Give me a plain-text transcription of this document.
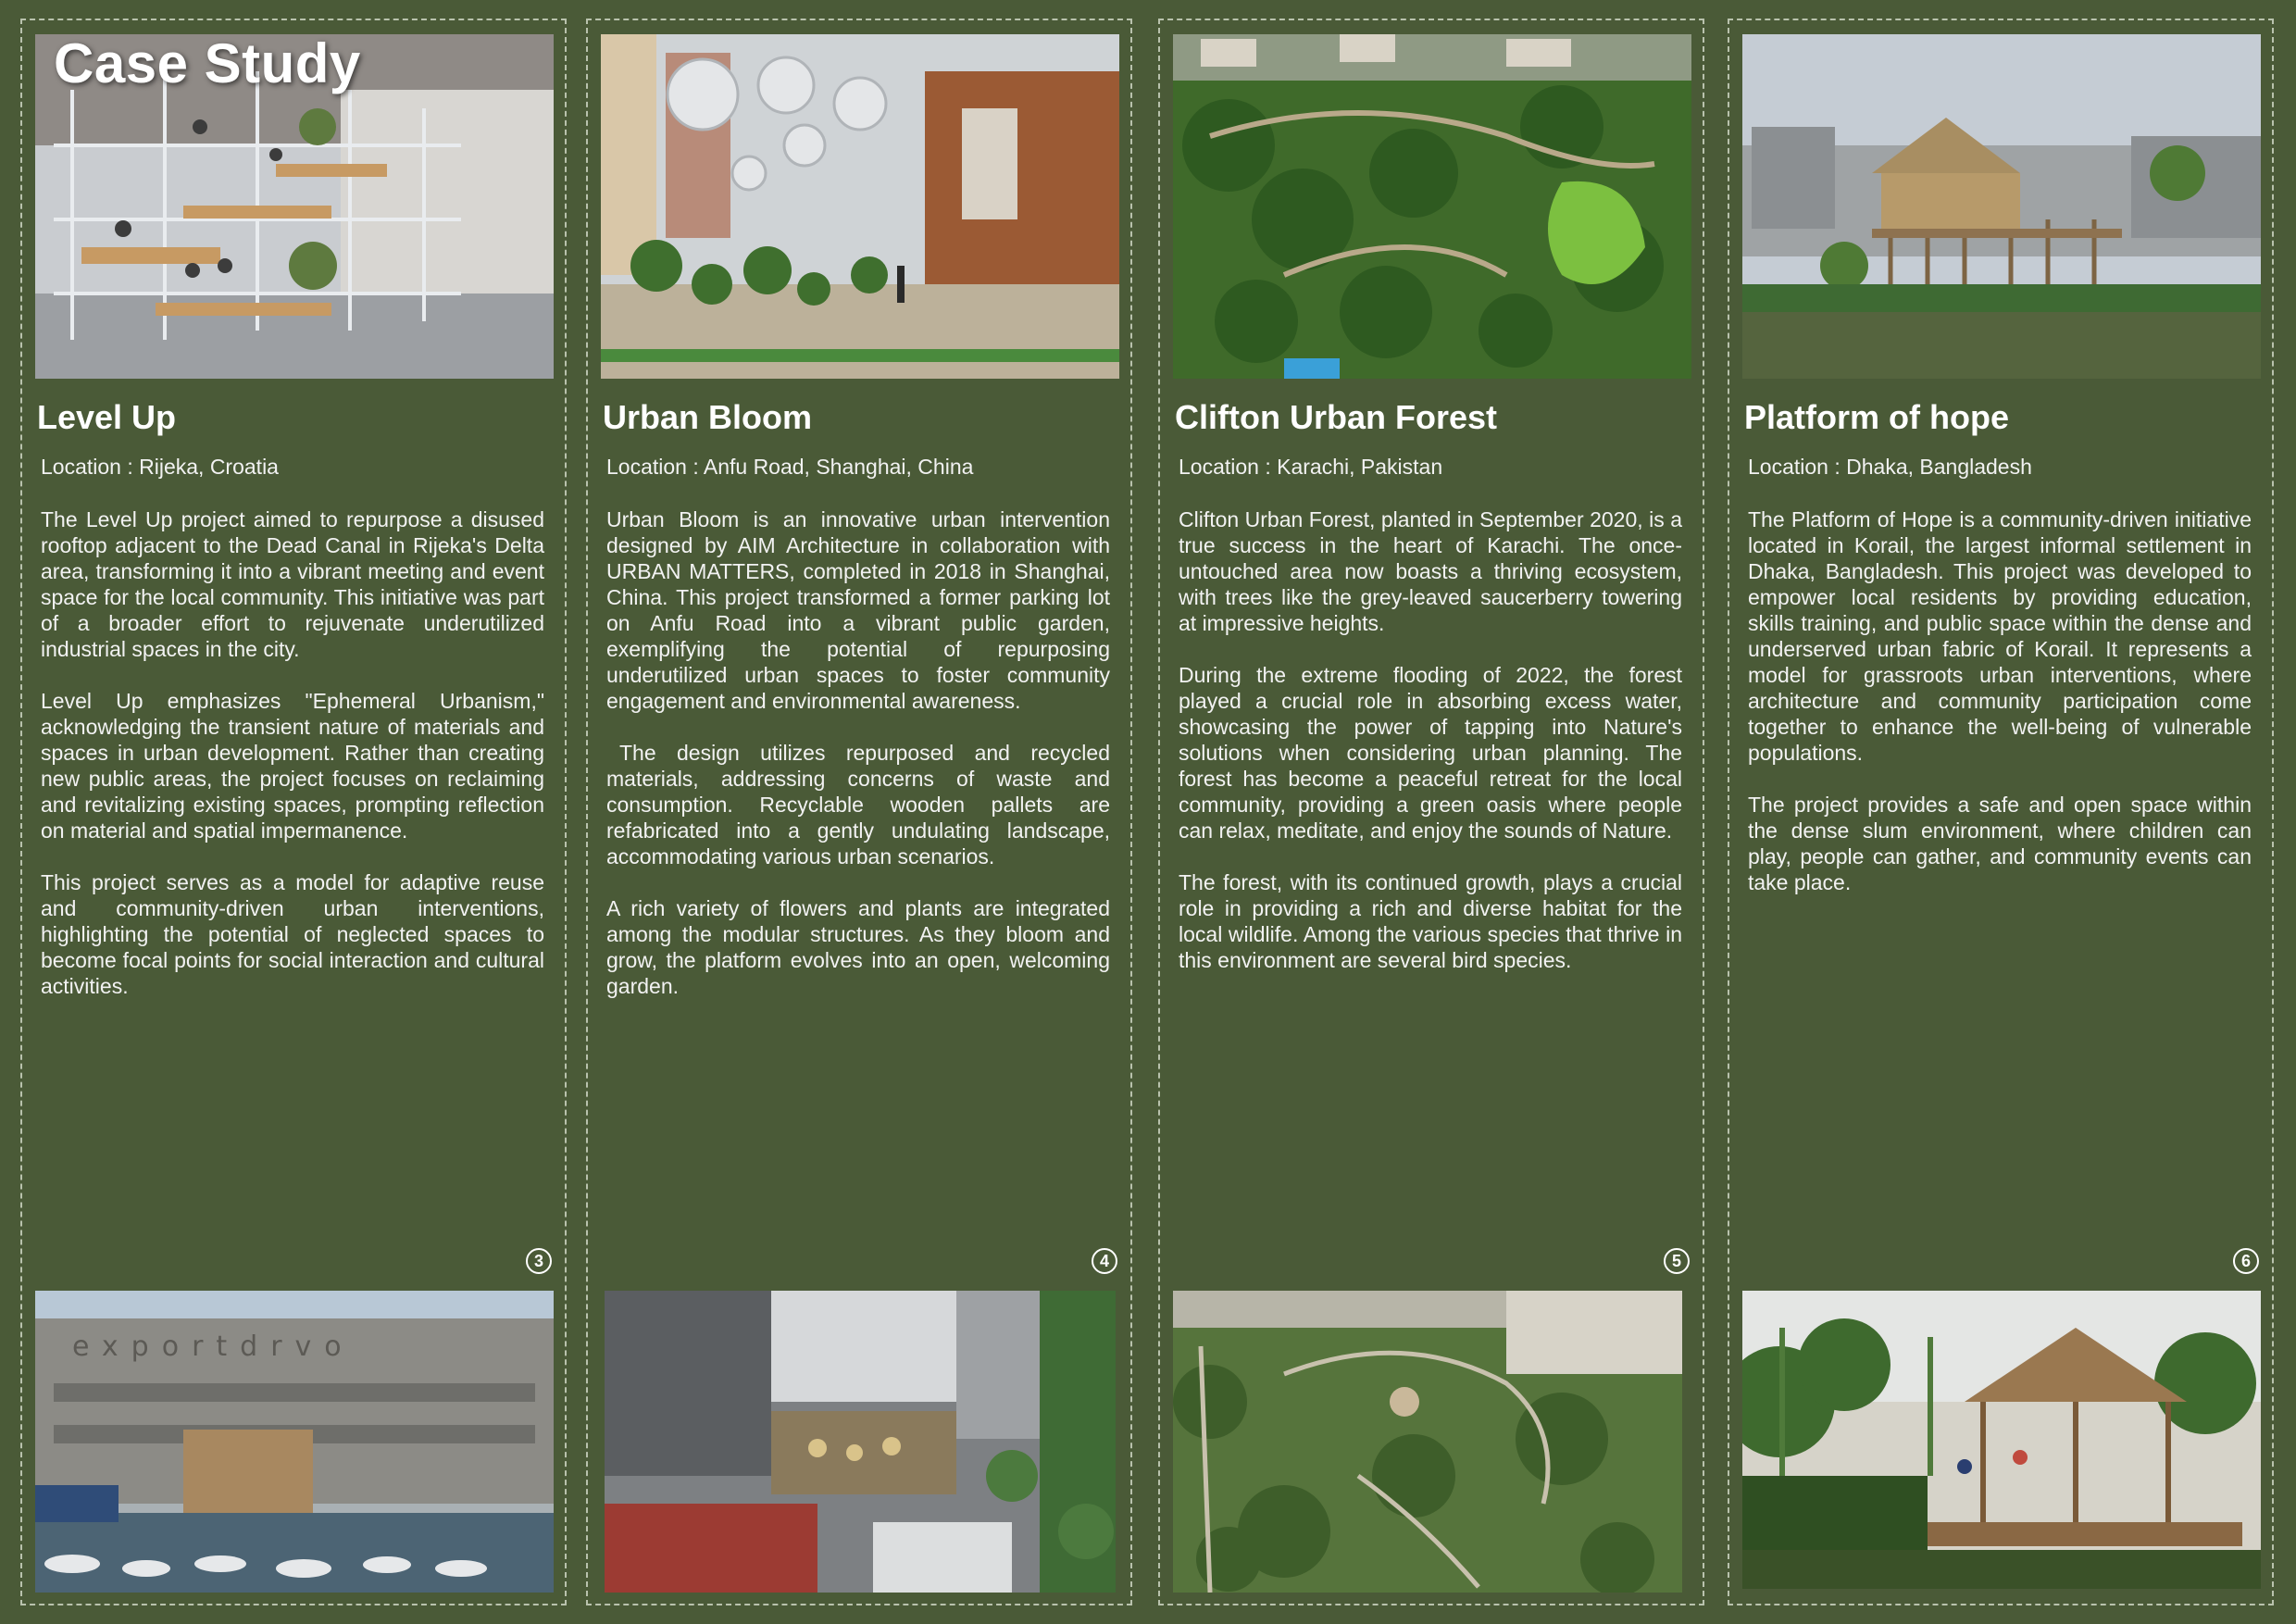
Case Study
Level Up
Location : Rijeka, Croatia

The Level Up project aimed to repurpose a disused rooftop adjacent to the Dead Canal in Rijeka's Delta area, transforming it into a vibrant meeting and event space for the local community. This initiative was part of a broader effort to rejuvenate underutilized industrial spaces in the city.

Level Up emphasizes "Ephemeral Urbanism," acknowledging the transient nature of materials and spaces in urban development. Rather than creating new public areas, the project focuses on reclaiming and revitalizing existing spaces, prompting reflection on material and spatial impermanence.

This project serves as a model for adaptive reuse and community-driven urban interventions, highlighting the potential of neglected spaces to become focal points for social interaction and cultural activities.

3
exportdrvo
Urban Bloom
Location : Anfu Road, Shanghai, China

Urban Bloom is an innovative urban intervention designed by AIM Architecture in collaboration with URBAN MATTERS, completed in 2018 in Shanghai, China. This project transformed a former parking lot on Anfu Road into a vibrant public garden, exemplifying the potential of repurposing underutilized urban spaces to foster community engagement and environmental awareness.

The design utilizes repurposed and recycled materials, addressing concerns of waste and consumption. Recyclable wooden pallets are refabricated into a gently undulating landscape, accommodating various urban scenarios.

A rich variety of flowers and plants are integrated among the modular structures. As they bloom and grow, the platform evolves into an open, welcoming garden.

4
Clifton Urban Forest
Location : Karachi, Pakistan

Clifton Urban Forest, planted in September 2020, is a true success in the heart of Karachi. The once-untouched area now boasts a thriving ecosystem, with trees like the grey-leaved saucerberry towering at impressive heights.

During the extreme flooding of 2022, the forest played a crucial role in absorbing excess water, showcasing the power of tapping into Nature's solutions when considering urban planning. The forest has become a peaceful retreat for the local community, providing a green oasis where people can relax, meditate, and enjoy the sounds of Nature.

The forest, with its continued growth, plays a crucial role in providing a rich and diverse habitat for the local wildlife. Among the various species that thrive in this environment are several bird species.

5
Platform of hope
Location : Dhaka, Bangladesh

The Platform of Hope is a community-driven initiative located in Korail, the largest informal settlement in Dhaka, Bangladesh. This project was developed to empower local residents by providing education, skills training, and public space within the dense and underserved urban fabric of Korail. It represents a model for grassroots urban interventions, where architecture and community participation come together to enhance the well-being of vulnerable populations.

The project provides a safe and open space within the dense slum environment, where children can play, people can gather, and community events can take place.

6
